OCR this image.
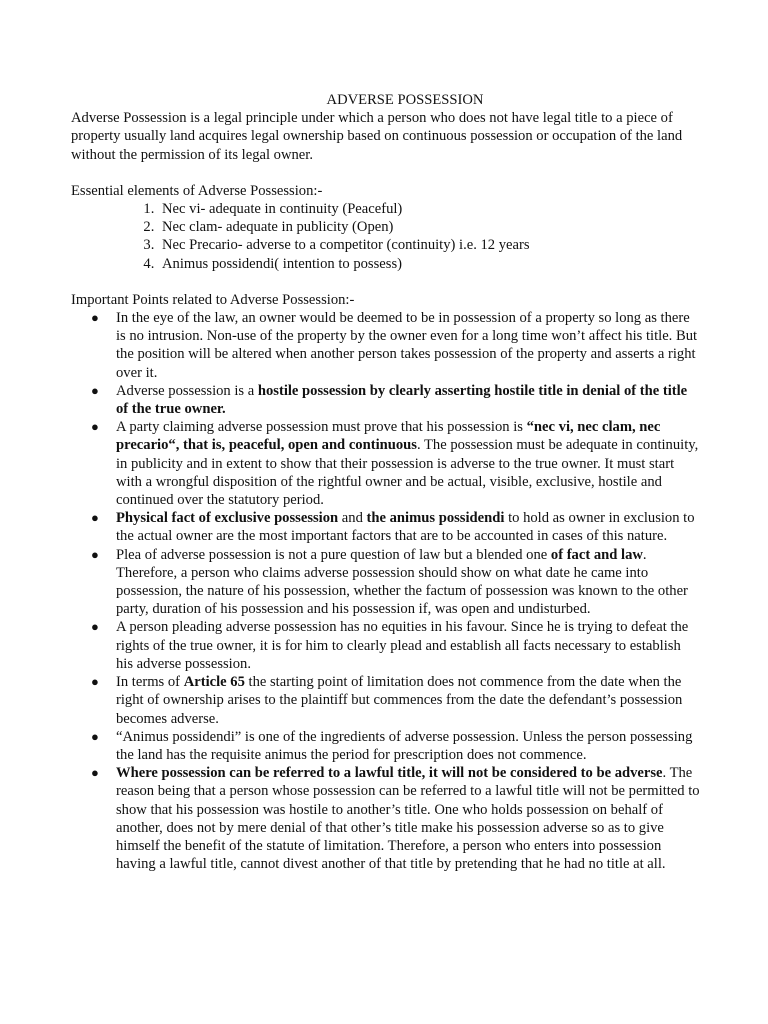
ADVERSE POSSESSION

Adverse Possession is a legal principle under which a person who does not have legal title to a piece of property usually land acquires legal ownership based on continuous possession or occupation of the land without the permission of its legal owner.

Essential elements of Adverse Possession:-

1. Nec vi- adequate in continuity (Peaceful)
2. Nec clam- adequate in publicity (Open)
3. Nec Precario- adverse to a competitor (continuity) i.e. 12 years
4. Animus possidendi( intention to possess)

Important Points related to Adverse Possession:-

● In the eye of the law, an owner would be deemed to be in possession of a property so long as there is no intrusion. Non-use of the property by the owner even for a long time won’t affect his title. But the position will be altered when another person takes possession of the property and asserts a right over it.
● Adverse possession is a hostile possession by clearly asserting hostile title in denial of the title of the true owner.
● A party claiming adverse possession must prove that his possession is “nec vi, nec clam, nec precario“, that is, peaceful, open and continuous. The possession must be adequate in continuity, in publicity and in extent to show that their possession is adverse to the true owner. It must start with a wrongful disposition of the rightful owner and be actual, visible, exclusive, hostile and continued over the statutory period.
● Physical fact of exclusive possession and the animus possidendi to hold as owner in exclusion to the actual owner are the most important factors that are to be accounted in cases of this nature.
● Plea of adverse possession is not a pure question of law but a blended one of fact and law. Therefore, a person who claims adverse possession should show on what date he came into possession, the nature of his possession, whether the factum of possession was known to the other party, duration of his possession and his possession if, was open and undisturbed.
● A person pleading adverse possession has no equities in his favour. Since he is trying to defeat the rights of the true owner, it is for him to clearly plead and establish all facts necessary to establish his adverse possession.
● In terms of Article 65 the starting point of limitation does not commence from the date when the right of ownership arises to the plaintiff but commences from the date the defendant’s possession becomes adverse.
● “Animus possidendi” is one of the ingredients of adverse possession. Unless the person possessing the land has the requisite animus the period for prescription does not commence.
● Where possession can be referred to a lawful title, it will not be considered to be adverse. The reason being that a person whose possession can be referred to a lawful title will not be permitted to show that his possession was hostile to another’s title. One who holds possession on behalf of another, does not by mere denial of that other’s title make his possession adverse so as to give himself the benefit of the statute of limitation. Therefore, a person who enters into possession having a lawful title, cannot divest another of that title by pretending that he had no title at all.
